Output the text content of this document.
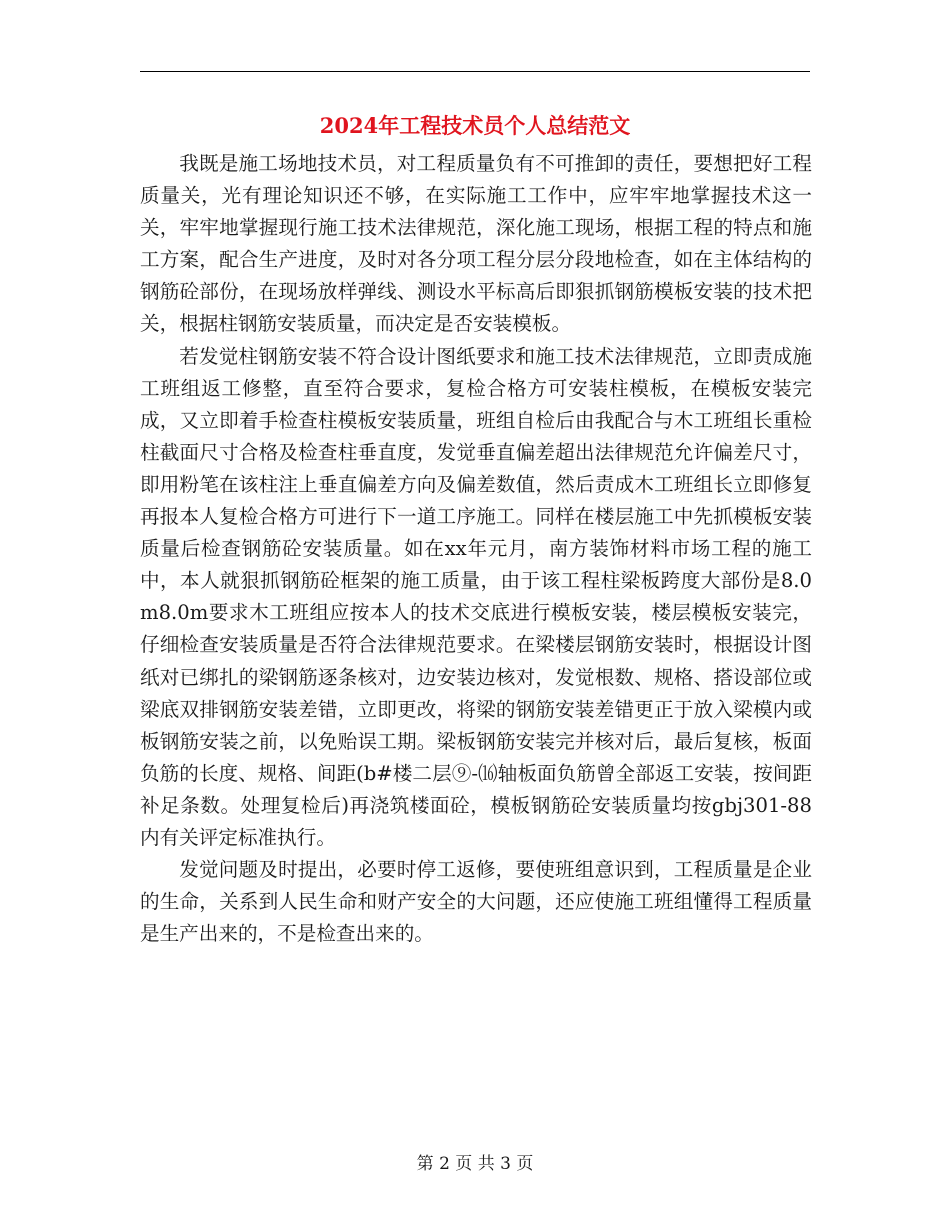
2024年工程技术员个人总结范文

我既是施工场地技术员，对工程质量负有不可推卸的责任，要想把好工程质量关，光有理论知识还不够，在实际施工工作中，应牢牢地掌握技术这一关，牢牢地掌握现行施工技术法律规范，深化施工现场，根据工程的特点和施工方案，配合生产进度，及时对各分项工程分层分段地检查，如在主体结构的钢筋砼部份，在现场放样弹线、测设水平标高后即狠抓钢筋模板安装的技术把关，根据柱钢筋安装质量，而决定是否安装模板。

若发觉柱钢筋安装不符合设计图纸要求和施工技术法律规范，立即责成施工班组返工修整，直至符合要求，复检合格方可安装柱模板，在模板安装完成，又立即着手检查柱模板安装质量，班组自检后由我配合与木工班组长重检柱截面尺寸合格及检查柱垂直度，发觉垂直偏差超出法律规范允许偏差尺寸，即用粉笔在该柱注上垂直偏差方向及偏差数值，然后责成木工班组长立即修复再报本人复检合格方可进行下一道工序施工。同样在楼层施工中先抓模板安装质量后检查钢筋砼安装质量。如在xx年元月，南方装饰材料市场工程的施工中，本人就狠抓钢筋砼框架的施工质量，由于该工程柱梁板跨度大部份是8.0m8.0m要求木工班组应按本人的技术交底进行模板安装，楼层模板安装完，仔细检查安装质量是否符合法律规范要求。在梁楼层钢筋安装时，根据设计图纸对已绑扎的梁钢筋逐条核对，边安装边核对，发觉根数、规格、搭设部位或梁底双排钢筋安装差错，立即更改，将梁的钢筋安装差错更正于放入梁模内或板钢筋安装之前，以免贻误工期。梁板钢筋安装完并核对后，最后复核，板面负筋的长度、规格、间距(b#楼二层⑨-⒃轴板面负筋曾全部返工安装，按间距补足条数。处理复检后)再浇筑楼面砼，模板钢筋砼安装质量均按gbj301-88内有关评定标准执行。

发觉问题及时提出，必要时停工返修，要使班组意识到，工程质量是企业的生命，关系到人民生命和财产安全的大问题，还应使施工班组懂得工程质量是生产出来的，不是检查出来的。

第 2 页 共 3 页
